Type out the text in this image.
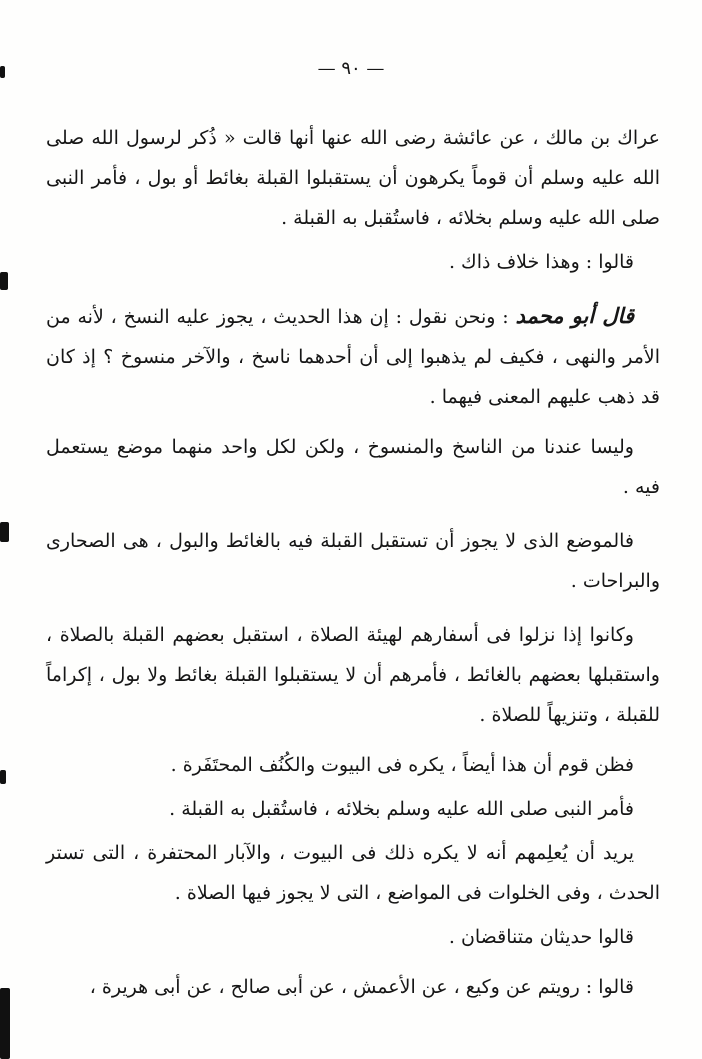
— ٩٠ —

عراك بن مالك ، عن عائشة رضى الله عنها أنها قالت « ذُكر لرسول الله صلى الله عليه وسلم أن قوماً يكرهون أن يستقبلوا القبلة بغائط أو بول ، فأمر النبى صلى الله عليه وسلم بخلائه ، فاستُقبل به القبلة .

قالوا : وهذا خلاف ذاك .

قال أبو محمد : ونحن نقول : إن هذا الحديث ، يجوز عليه النسخ ، لأنه من الأمر والنهى ، فكيف لم يذهبوا إلى أن أحدهما ناسخ ، والآخر منسوخ ؟ إذ كان قد ذهب عليهم المعنى فيهما .

وليسا عندنا من الناسخ والمنسوخ ، ولكن لكل واحد منهما موضع يستعمل فيه .

فالموضع الذى لا يجوز أن تستقبل القبلة فيه بالغائط والبول ، هى الصحارى والبراحات .

وكانوا إذا نزلوا فى أسفارهم لهيئة الصلاة ، استقبل بعضهم القبلة بالصلاة ، واستقبلها بعضهم بالغائط ، فأمرهم أن لا يستقبلوا القبلة بغائط ولا بول ، إكراماً للقبلة ، وتنزيهاً للصلاة .

فظن قوم أن هذا أيضاً ، يكره فى البيوت والكُنُف المحتَفَرة .

فأمر النبى صلى الله عليه وسلم بخلائه ، فاستُقبل به القبلة .

يريد أن يُعلِمهم أنه لا يكره ذلك فى البيوت ، والآبار المحتفرة ، التى تستر الحدث ، وفى الخلوات فى المواضع ، التى لا يجوز فيها الصلاة .

قالوا حديثان متناقضان .

قالوا : رويتم عن وكيع ، عن الأعمش ، عن أبى صالح ، عن أبى هريرة ،
